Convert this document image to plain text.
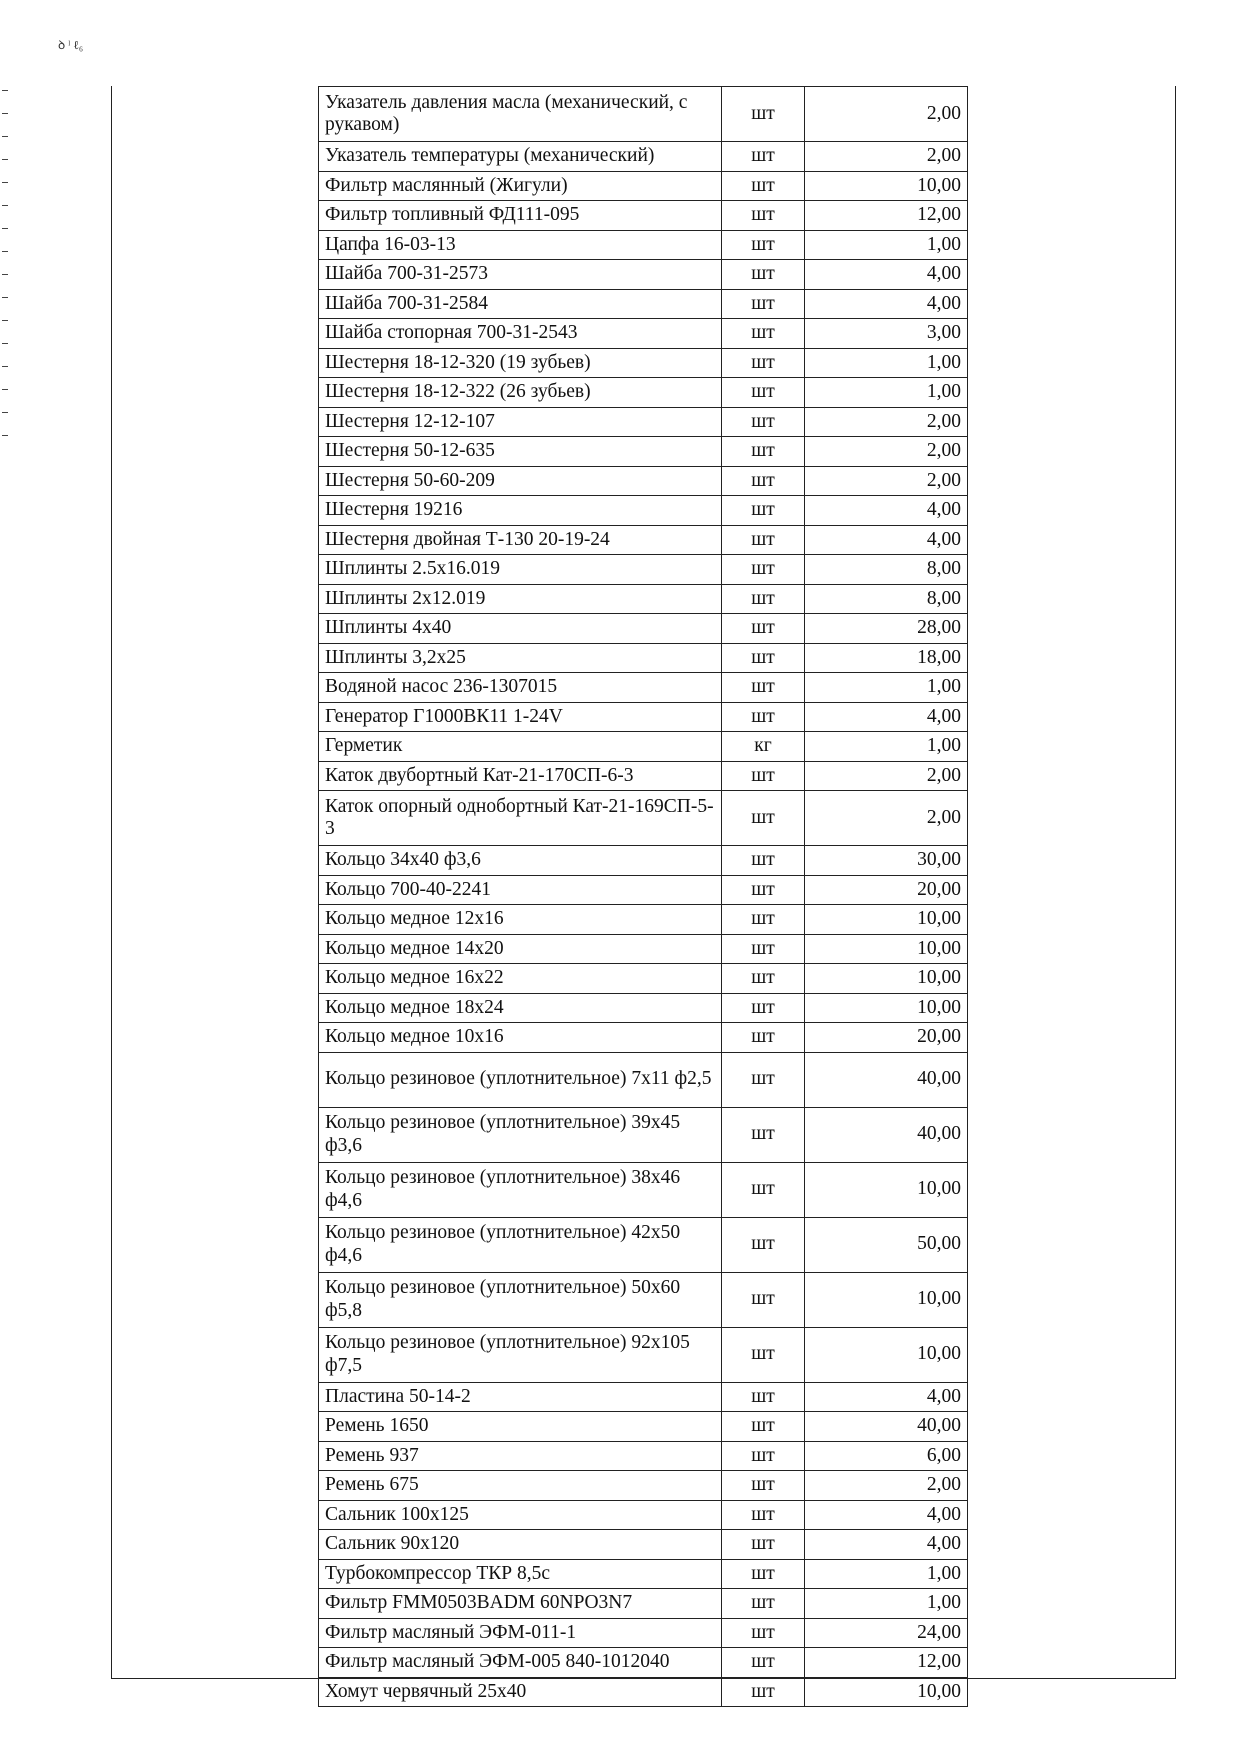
ꝺ ˡ ℓ₆
Указатель давления масла (механический, с рукавом)	шт	2,00
Указатель температуры (механический)	шт	2,00
Фильтр маслянный (Жигули)	шт	10,00
Фильтр топливный ФД111-095	шт	12,00
Цапфа 16-03-13	шт	1,00
Шайба 700-31-2573	шт	4,00
Шайба 700-31-2584	шт	4,00
Шайба стопорная 700-31-2543	шт	3,00
Шестерня 18-12-320 (19 зубьев)	шт	1,00
Шестерня 18-12-322 (26 зубьев)	шт	1,00
Шестерня 12-12-107	шт	2,00
Шестерня 50-12-635	шт	2,00
Шестерня 50-60-209	шт	2,00
Шестерня 19216	шт	4,00
Шестерня двойная Т-130 20-19-24	шт	4,00
Шплинты 2.5х16.019	шт	8,00
Шплинты 2х12.019	шт	8,00
Шплинты 4х40	шт	28,00
Шплинты 3,2х25	шт	18,00
Водяной насос 236-1307015	шт	1,00
Генератор Г1000ВК11 1-24V	шт	4,00
Герметик	кг	1,00
Каток двубортный Кат-21-170СП-6-3	шт	2,00
Каток опорный однобортный Кат-21-169СП-5-3	шт	2,00
Кольцо 34х40 ф3,6	шт	30,00
Кольцо 700-40-2241	шт	20,00
Кольцо медное 12х16	шт	10,00
Кольцо медное 14х20	шт	10,00
Кольцо медное 16х22	шт	10,00
Кольцо медное 18х24	шт	10,00
Кольцо медное 10х16	шт	20,00
Кольцо резиновое (уплотнительное) 7х11 ф2,5	шт	40,00
Кольцо резиновое (уплотнительное) 39х45 ф3,6	шт	40,00
Кольцо резиновое (уплотнительное) 38х46 ф4,6	шт	10,00
Кольцо резиновое (уплотнительное) 42х50 ф4,6	шт	50,00
Кольцо резиновое (уплотнительное) 50х60 ф5,8	шт	10,00
Кольцо резиновое (уплотнительное) 92х105 ф7,5	шт	10,00
Пластина 50-14-2	шт	4,00
Ремень 1650	шт	40,00
Ремень 937	шт	6,00
Ремень 675	шт	2,00
Сальник 100х125	шт	4,00
Сальник 90х120	шт	4,00
Турбокомпрессор ТКР 8,5с	шт	1,00
Фильтр FMM0503BADM 60NPO3N7	шт	1,00
Фильтр масляный ЭФМ-011-1	шт	24,00
Фильтр масляный ЭФМ-005 840-1012040	шт	12,00
Хомут червячный 25х40	шт	10,00
